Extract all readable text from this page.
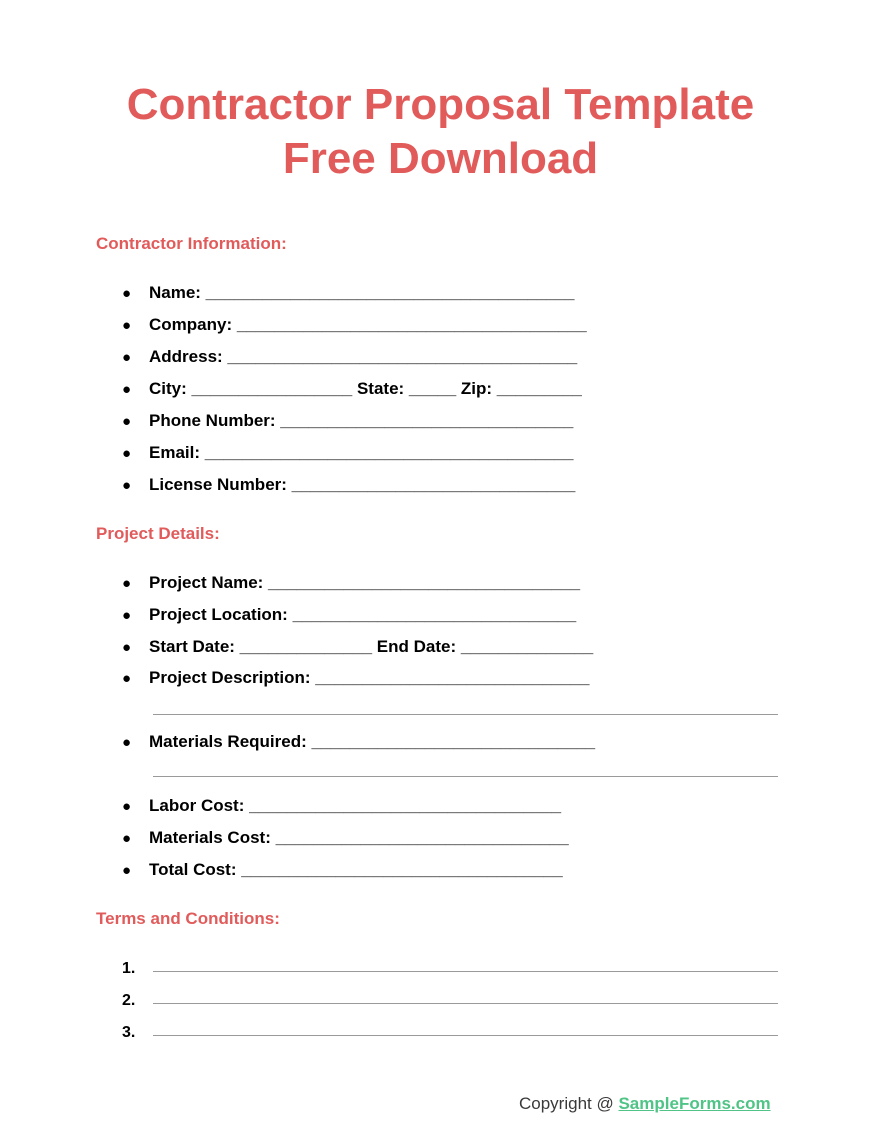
Contractor Proposal Template
Free Download
Contractor Information:
● Name: _______________________________________
● Company: _____________________________________
● Address: _____________________________________
● City: _________________ State: _____ Zip: _________
● Phone Number: _______________________________
● Email: _______________________________________
● License Number: ______________________________
Project Details:
● Project Name: _________________________________
● Project Location: ______________________________
● Start Date: ______________ End Date: ______________
● Project Description: _____________________________
● Materials Required: ______________________________
● Labor Cost: _________________________________
● Materials Cost: _______________________________
● Total Cost: __________________________________
Terms and Conditions:
1.
2.
3.
Copyright @ SampleForms.com
